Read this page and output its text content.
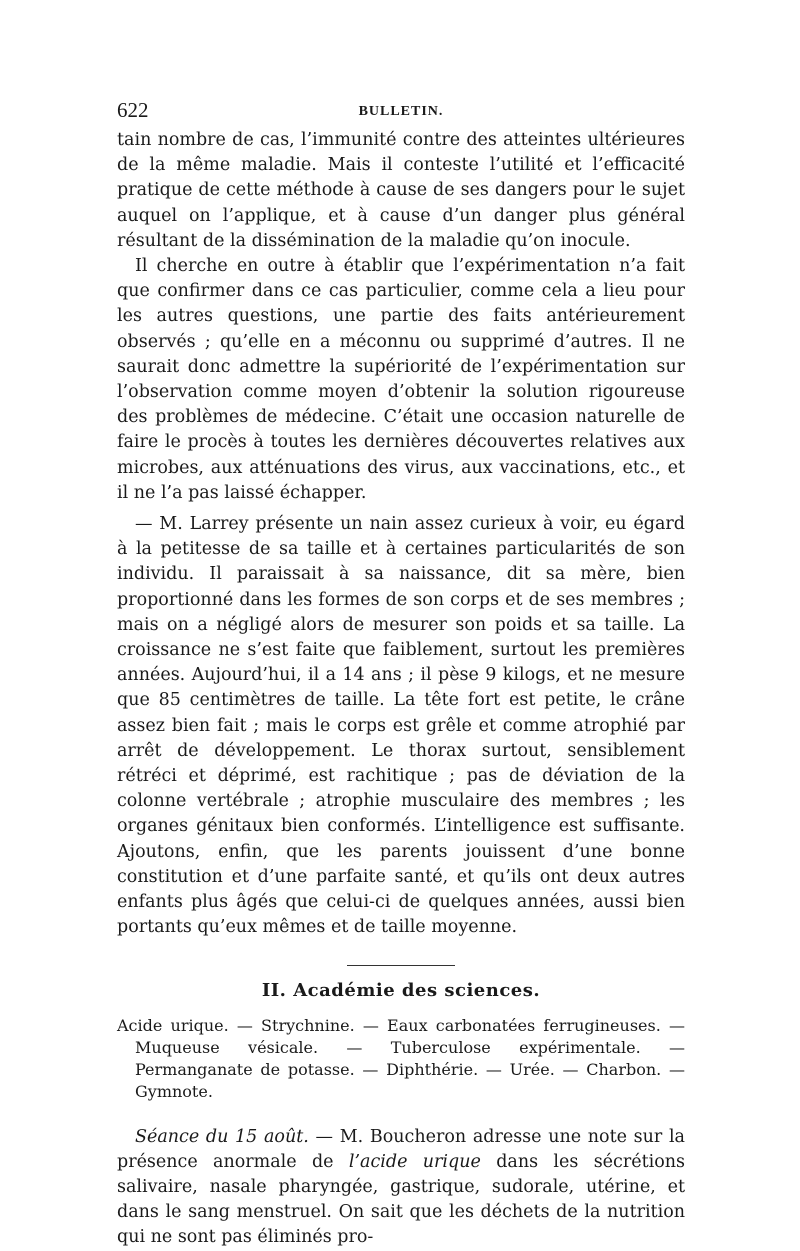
622	BULLETIN.

tain nombre de cas, l’immunité contre des atteintes ultérieures de la même maladie. Mais il conteste l’utilité et l’efficacité pratique de cette méthode à cause de ses dangers pour le sujet auquel on l’applique, et à cause d’un danger plus général résultant de la dissémination de la maladie qu’on inocule.

Il cherche en outre à établir que l’expérimentation n’a fait que confirmer dans ce cas particulier, comme cela a lieu pour les autres questions, une partie des faits antérieurement observés ; qu’elle en a méconnu ou supprimé d’autres. Il ne saurait donc admettre la supériorité de l’expérimentation sur l’observation comme moyen d’obtenir la solution rigoureuse des problèmes de médecine. C’était une occasion naturelle de faire le procès à toutes les dernières découvertes relatives aux microbes, aux atténuations des virus, aux vaccinations, etc., et il ne l’a pas laissé échapper.

— M. Larrey présente un nain assez curieux à voir, eu égard à la petitesse de sa taille et à certaines particularités de son individu. Il paraissait à sa naissance, dit sa mère, bien proportionné dans les formes de son corps et de ses membres ; mais on a négligé alors de mesurer son poids et sa taille. La croissance ne s’est faite que faiblement, surtout les premières années. Aujourd’hui, il a 14 ans ; il pèse 9 kilogs, et ne mesure que 85 centimètres de taille. La tête fort est petite, le crâne assez bien fait ; mais le corps est grêle et comme atrophié par arrêt de développement. Le thorax surtout, sensiblement rétréci et déprimé, est rachitique ; pas de déviation de la colonne vertébrale ; atrophie musculaire des membres ; les organes génitaux bien conformés. L’intelligence est suffisante. Ajoutons, enfin, que les parents jouissent d’une bonne constitution et d’une parfaite santé, et qu’ils ont deux autres enfants plus âgés que celui-ci de quelques années, aussi bien portants qu’eux mêmes et de taille moyenne.

II. Académie des sciences.
Acide urique. — Strychnine. — Eaux carbonatées ferrugineuses. — Muqueuse vésicale. — Tuberculose expérimentale. — Permanganate de potasse. — Diphthérie. — Urée. — Charbon. — Gymnote.

Séance du 15 août. — M. Boucheron adresse une note sur la présence anormale de l’acide urique dans les sécrétions salivaire, nasale pharyngée, gastrique, sudorale, utérine, et dans le sang menstruel. On sait que les déchets de la nutrition qui ne sont pas éliminés pro-
